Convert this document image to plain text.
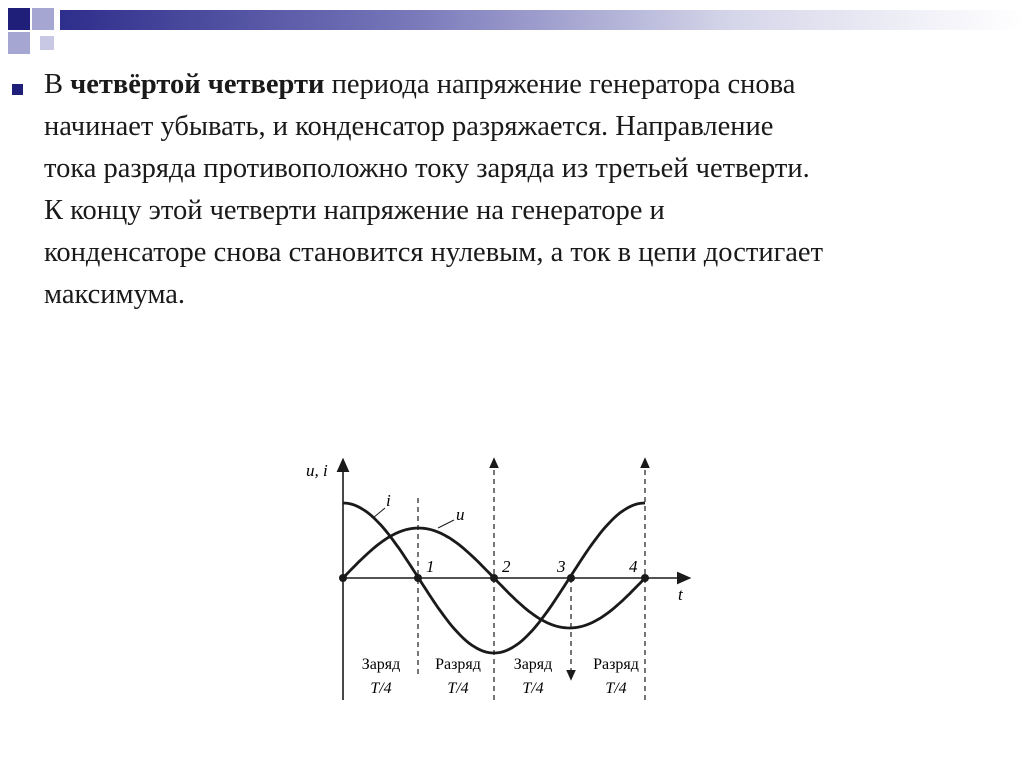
В четвёртой четверти периода напряжение генератора снова
начинает убывать, и конденсатор разряжается. Направление
тока разряда противоположно току заряда из третьей четверти.
К концу этой четверти напряжение на генераторе и
конденсаторе снова становится нулевым, а ток в цепи достигает
максимума.
u, i
t
i
u
1	2	3	4
Заряд
T/4
Разряд
T/4
Заряд
T/4
Разряд
T/4
